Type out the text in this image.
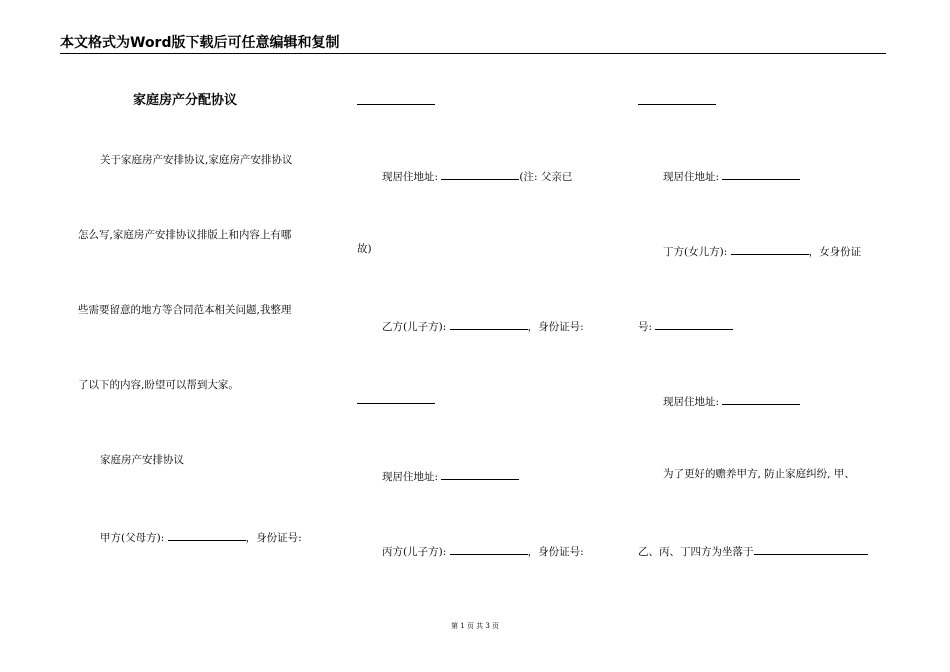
本文格式为Word版下载后可任意编辑和复制
家庭房产分配协议
关于家庭房产安排协议,家庭房产安排协议
怎么写,家庭房产安排协议排版上和内容上有哪
些需要留意的地方等合同范本相关问题,我整理
了以下的内容,盼望可以帮到大家。
家庭房产安排协议
甲方(父母方):	，身份证号:
现居住地址:	(注: 父亲已
故)
乙方(儿子方):	，身份证号:
现居住地址:
丙方(儿子方):	，身份证号:
现居住地址:
丁方(女儿方):	，女身份证
号:
现居住地址:
为了更好的赡养甲方, 防止家庭纠纷, 甲、
乙、丙、丁四方为坐落于
第 1 页 共 3 页
